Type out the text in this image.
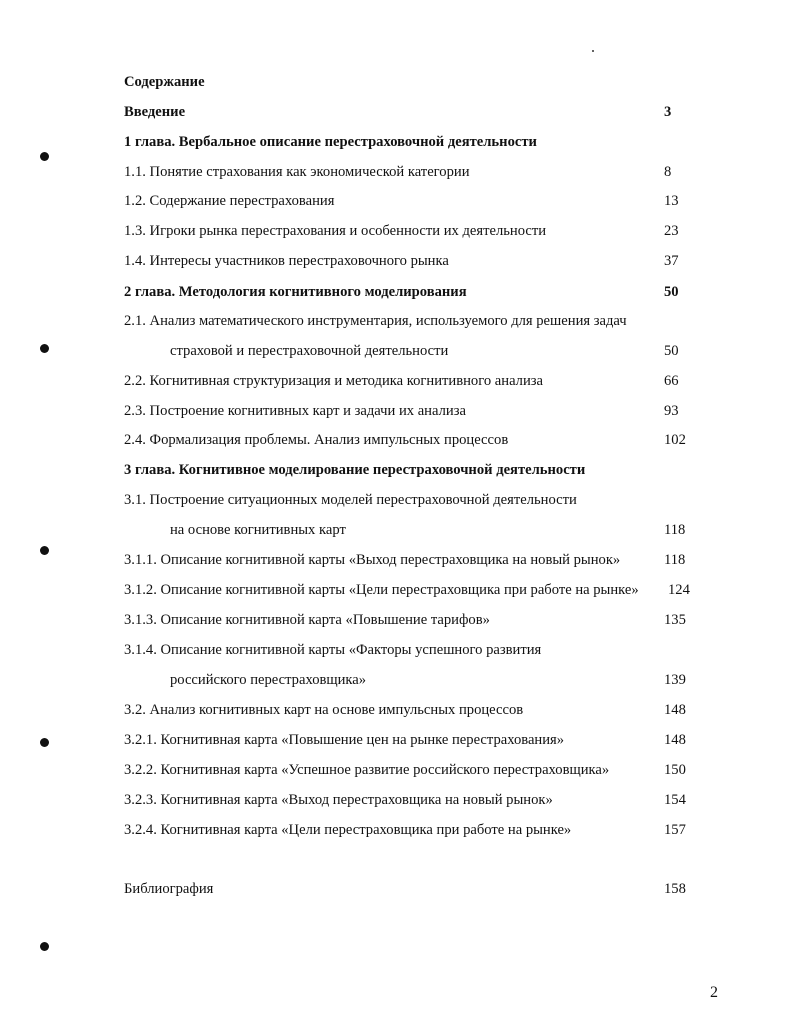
Содержание
Введение	3
1 глава. Вербальное описание перестраховочной деятельности
1.1. Понятие страхования как экономической категории	8
1.2. Содержание перестрахования	13
1.3. Игроки рынка перестрахования и особенности их деятельности	23
1.4. Интересы участников перестраховочного рынка	37
2 глава. Методология когнитивного моделирования	50
2.1. Анализ математического инструментария, используемого для решения задач
страховой и перестраховочной деятельности	50
2.2. Когнитивная структуризация и методика когнитивного анализа	66
2.3. Построение когнитивных карт и задачи их анализа	93
2.4. Формализация проблемы. Анализ импульсных процессов	102
3 глава. Когнитивное моделирование перестраховочной деятельности
3.1. Построение ситуационных моделей перестраховочной деятельности
на основе когнитивных карт	118
3.1.1. Описание когнитивной карты «Выход перестраховщика на новый рынок»	118
3.1.2. Описание когнитивной карты «Цели перестраховщика при работе на рынке» 124
3.1.3. Описание когнитивной карта «Повышение тарифов»	135
3.1.4. Описание когнитивной карты «Факторы успешного развития
российского перестраховщика»	139
3.2. Анализ когнитивных карт на основе импульсных процессов	148
3.2.1. Когнитивная карта «Повышение цен на рынке перестрахования»	148
3.2.2. Когнитивная карта «Успешное развитие российского перестраховщика»	150
3.2.3. Когнитивная карта «Выход перестраховщика на новый рынок»	154
3.2.4. Когнитивная карта «Цели перестраховщика при работе на рынке»	157
Библиография	158
2
